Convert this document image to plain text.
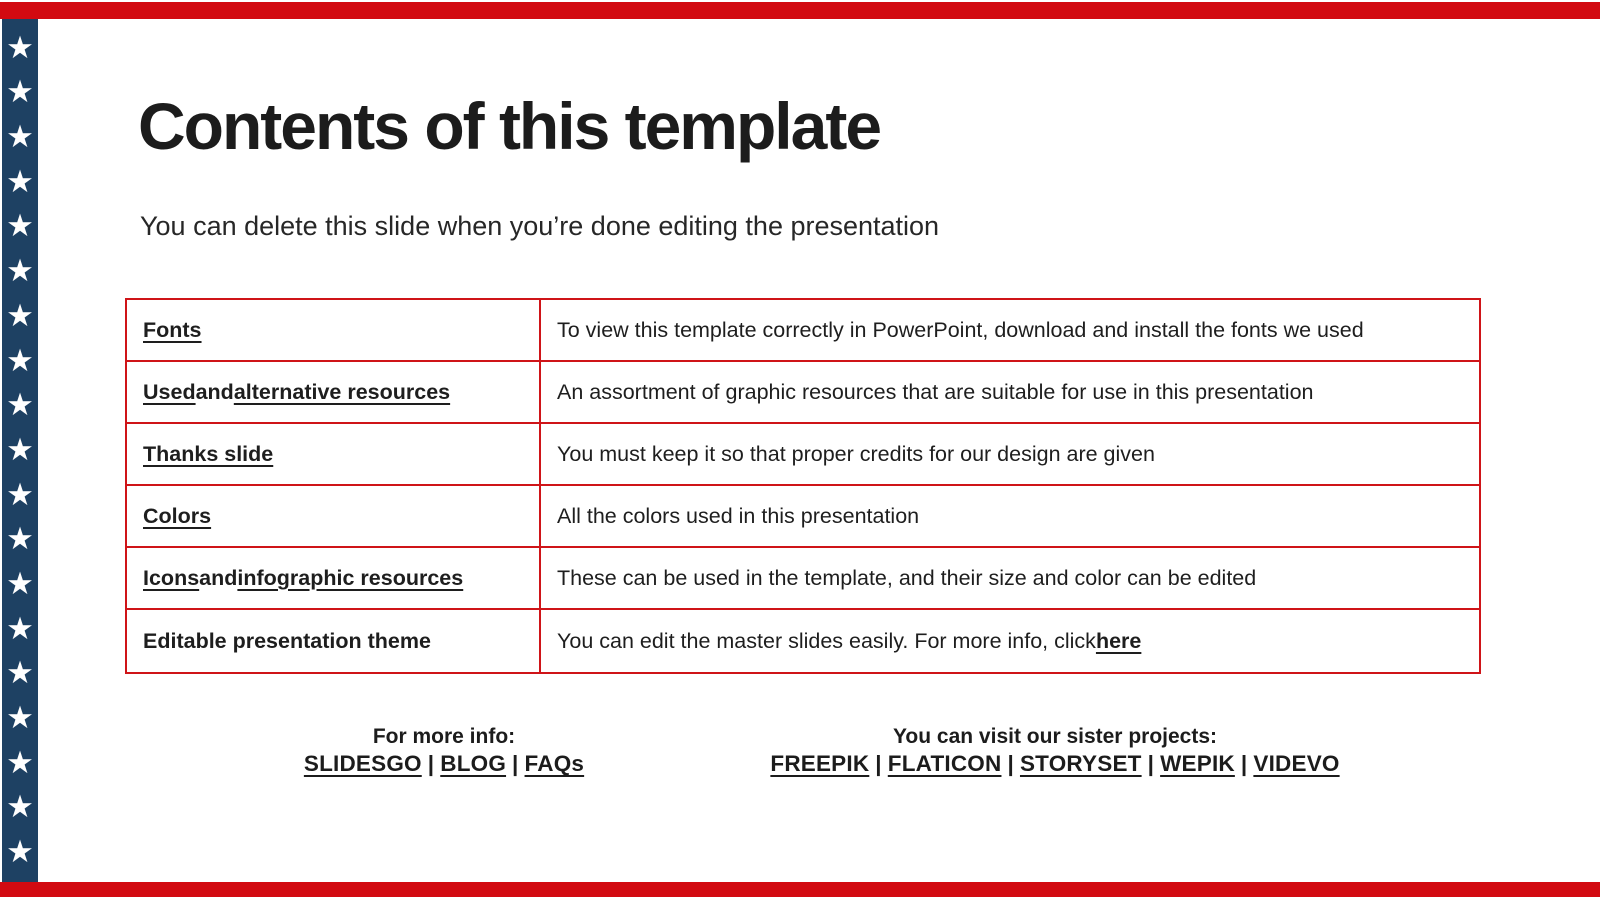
★
★
★
★
★
★
★
★
★
★
★
★
★
★
★
★
★
★
★
Contents of this template

You can delete this slide when you’re done editing the presentation

Fonts	To view this template correctly in PowerPoint, download and install the fonts we used
Used and alternative resources	An assortment of graphic resources that are suitable for use in this presentation
Thanks slide	You must keep it so that proper credits for our design are given
Colors	All the colors used in this presentation
Icons and infographic resources	These can be used in the template, and their size and color can be edited
Editable presentation theme	You can edit the master slides easily. For more info, click here

For more info:

SLIDESGO | BLOG | FAQs

You can visit our sister projects:

FREEPIK | FLATICON | STORYSET | WEPIK | VIDEVO
